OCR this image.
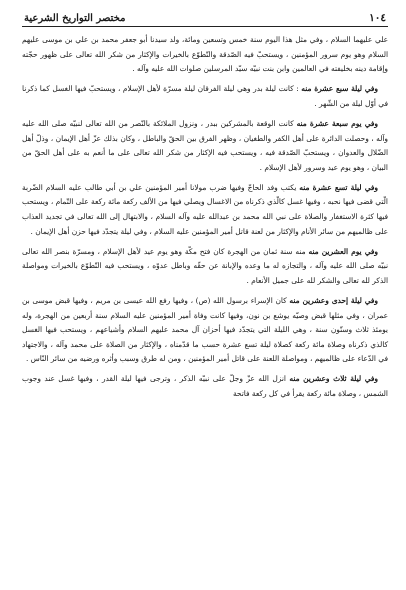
١٠٤
مختصر التواريخ الشرعية

علي عليهما السلام ، وفي مثل هذا اليوم سنة خمس وتسعين ومائة، ولد سيدنا أبو جعفر محمد بن علي بن موسى عليهم السلام وهو يوم سرور المؤمنين ، ويستحبّ فيه الصّدقة والتّطوّع بالخيرات والإكثار من شكر الله تعالى على ظهور حجّته وإقامة دينه بخليفته في العالمين وابن بنت نبيّه سيّد المرسلين صلوات الله عليه وآله .

وفي ليلة سبع عشرة منه : كانت ليلة بدر وهي ليلة الفرقان ليلة مسرّة لأهل الإسلام ، ويستحبّ فيها الغسل كما ذكرنا في أوّل ليلة من الشّهر .

وفي يوم سبعة عشرة منه كانت الوقعة بالمشركين ببدر ، ونزول الملائكة بالنّصر من الله تعالى لنبيّه صلى الله عليه وآله ، وحصلت الدائرة على أهل الكفر والطغيان ، وظهر الفرق بين الحقّ والباطل ، وكان بذلك عزّ أهل الإيمان ، وذلّ أهل الضّلال والعدوان ، ويستحبّ الصّدقة فيه ، ويستحب فيه الإكثار من شكر الله تعالى على ما أنعم به على أهل الحقّ من البيان ، وهو يوم عيد وسرور لأهل الإسلام .

وفي ليلة تسع عشرة منه يكتب وفد الحاجّ وفيها ضرب مولانا أمير المؤمنين علي بن أبي طالب عليه السلام الضّربة الّتي قضى فيها نحبه ، وفيها غسل كالّذي ذكرناه من الاغسال ويصلي فيها من الألف ركعة مائة ركعة على التّمام ، ويستحب فيها كثرة الاستغفار والصلاة على نبي الله محمد بن عبدالله عليه وآله السلام ، والابتهال إلى الله تعالى في تجديد العذاب على ظالميهم من سائر الأنام والإكثار من لعنة قاتل أمير المؤمنين عليه السلام ، وفي ليلة يتجدّد فيها حزن أهل الإيمان .

وفي يوم العشرين منه منه سنة ثمان من الهجرة كان فتح مكّة وهو يوم عيد لأهل الإسلام ، ومسرّة بنصر الله تعالى نبيّه صلى الله عليه وآله ، والتجازه له ما وعده والإبانة عن حقّه وباطل عدوّه ، ويستحب فيه التّطوّع بالخيرات ومواصلة الذكر لله تعالى والشكر لله على جميل الأنعام .

وفي ليلة إحدى وعشرين منه كان الإسراء برسول الله (ص) ، وفيها رفع الله عيسى بن مريم ، وفيها قبض موسى بن عمران ، وفي مثلها قبض وصيّه يوشع بن نون، وفيها كانت وفاة أمير المؤمنين عليه السلام سنة أربعين من الهجرة، وله يومئذ ثلاث وستّون سنة ، وهي الليلة التي يتجدّد فيها أحزان آل محمد عليهم السلام وأشياعهم ، ويستحب فيها الغسل كالذي ذكرناه وصلاة مائة ركعة كصلاة ليلة تسع عشرة حسب ما قدّمناه ، والإكثار من الصلاة على محمد وآله ، والاجتهاد في الدّعاء على ظالميهم ، ومواصلة اللعنة على قاتل أمير المؤمنين ، ومن له طرق وسبب وأثره ورضيه من سائر النّاس .

وفي ليلة ثلاث وعشرين منه انزل الله عزّ وجلّ على نبيّه الذكر ، وترجى فيها ليلة القدر ، وفيها غسل عند وجوب الشمس ، وصلاة مائة ركعة يقرأ في كل ركعة فاتحة
